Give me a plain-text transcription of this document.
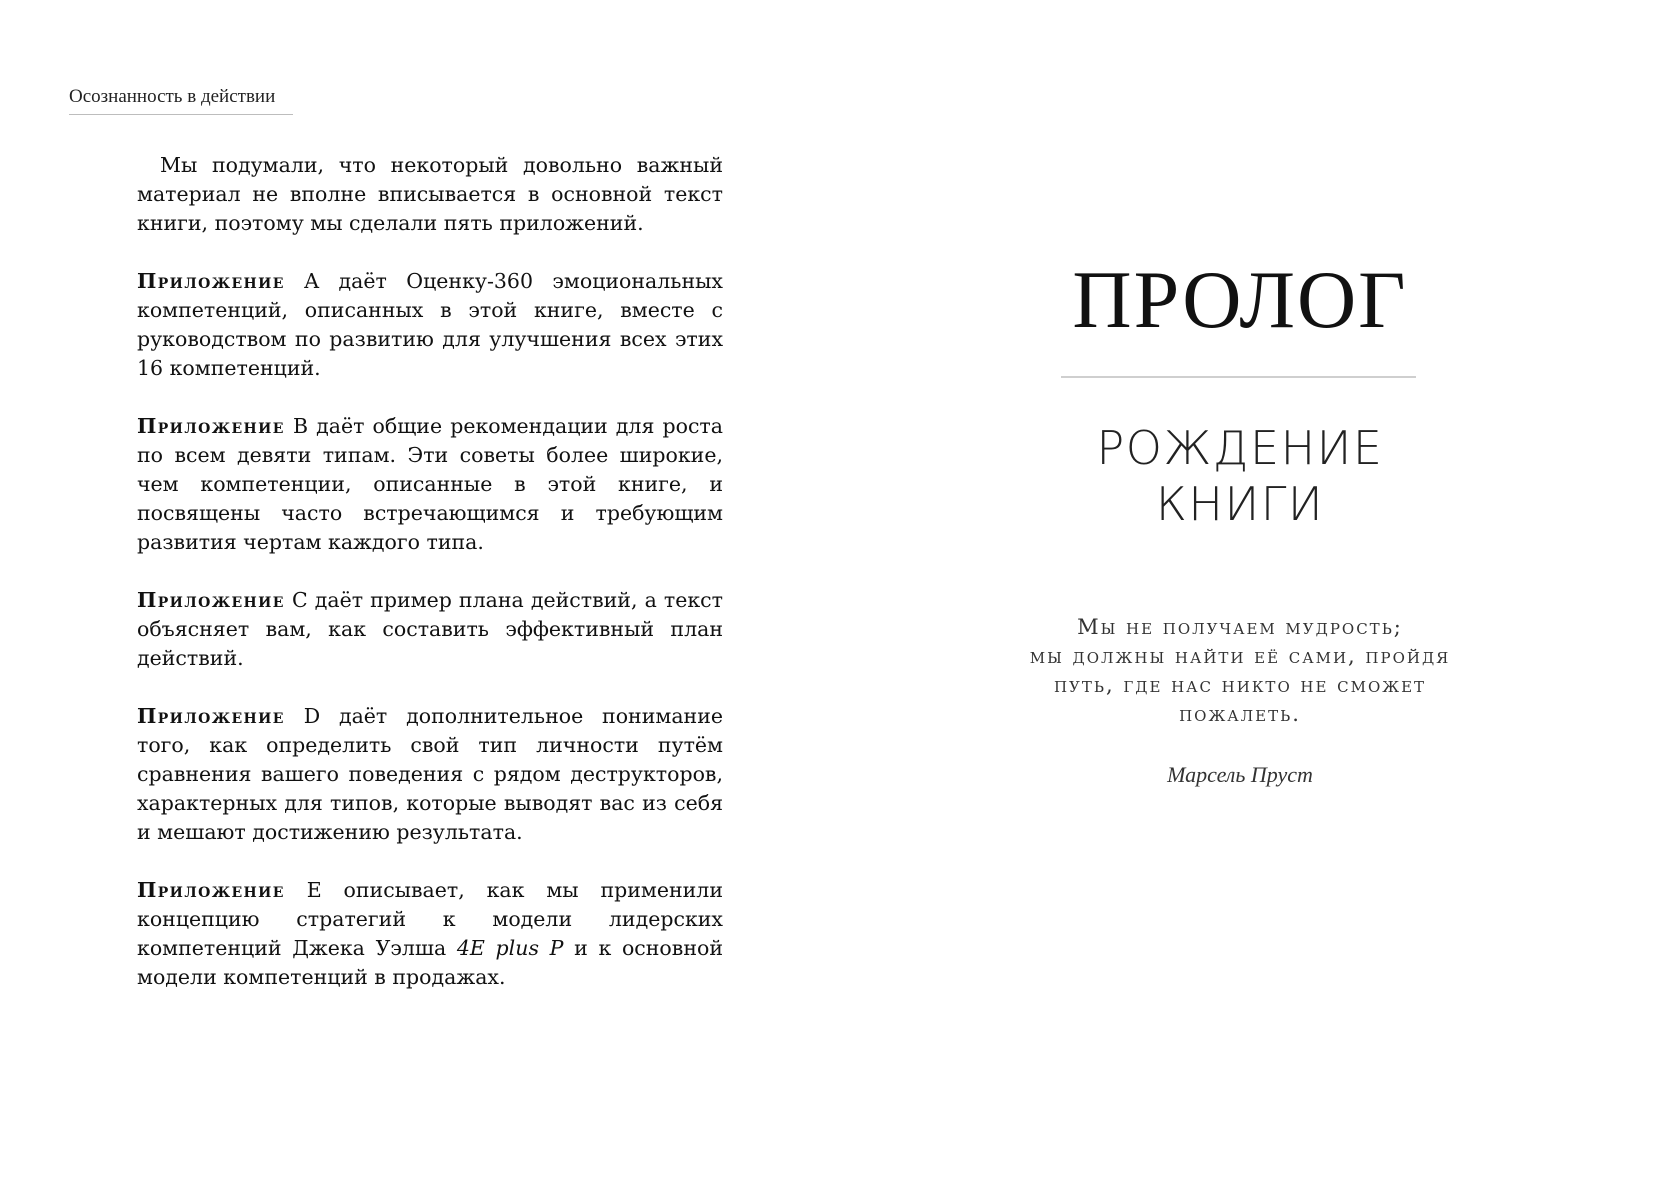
Осознанность в действии

Мы подумали, что некоторый довольно важный материал не вполне вписывается в основной текст книги, поэтому мы сделали пять приложений.

Приложение A даёт Оценку-360 эмоциональных компетенций, описанных в этой книге, вместе с руководством по развитию для улучшения всех этих 16 компетенций.

Приложение B даёт общие рекомендации для роста по всем девяти типам. Эти советы более широкие, чем компетенции, описанные в этой книге, и посвящены часто встречающимся и требующим развития чертам каждого типа.

Приложение C даёт пример плана действий, а текст объясняет вам, как составить эффективный план действий.

Приложение D даёт дополнительное понимание того, как определить свой тип личности путём сравнения вашего поведения с рядом деструкторов, характерных для типов, которые выводят вас из себя и мешают достижению результата.

Приложение E описывает, как мы применили концепцию стратегий к модели лидерских компетенций Джека Уэлша 4E plus P и к основной модели компетенций в продажах.

ПРОЛОГ
РОЖДЕНИЕ
КНИГИ
Мы не получаем мудрость;
мы должны найти её сами, пройдя
путь, где нас никто не сможет
пожалеть.
Марсель Пруст
